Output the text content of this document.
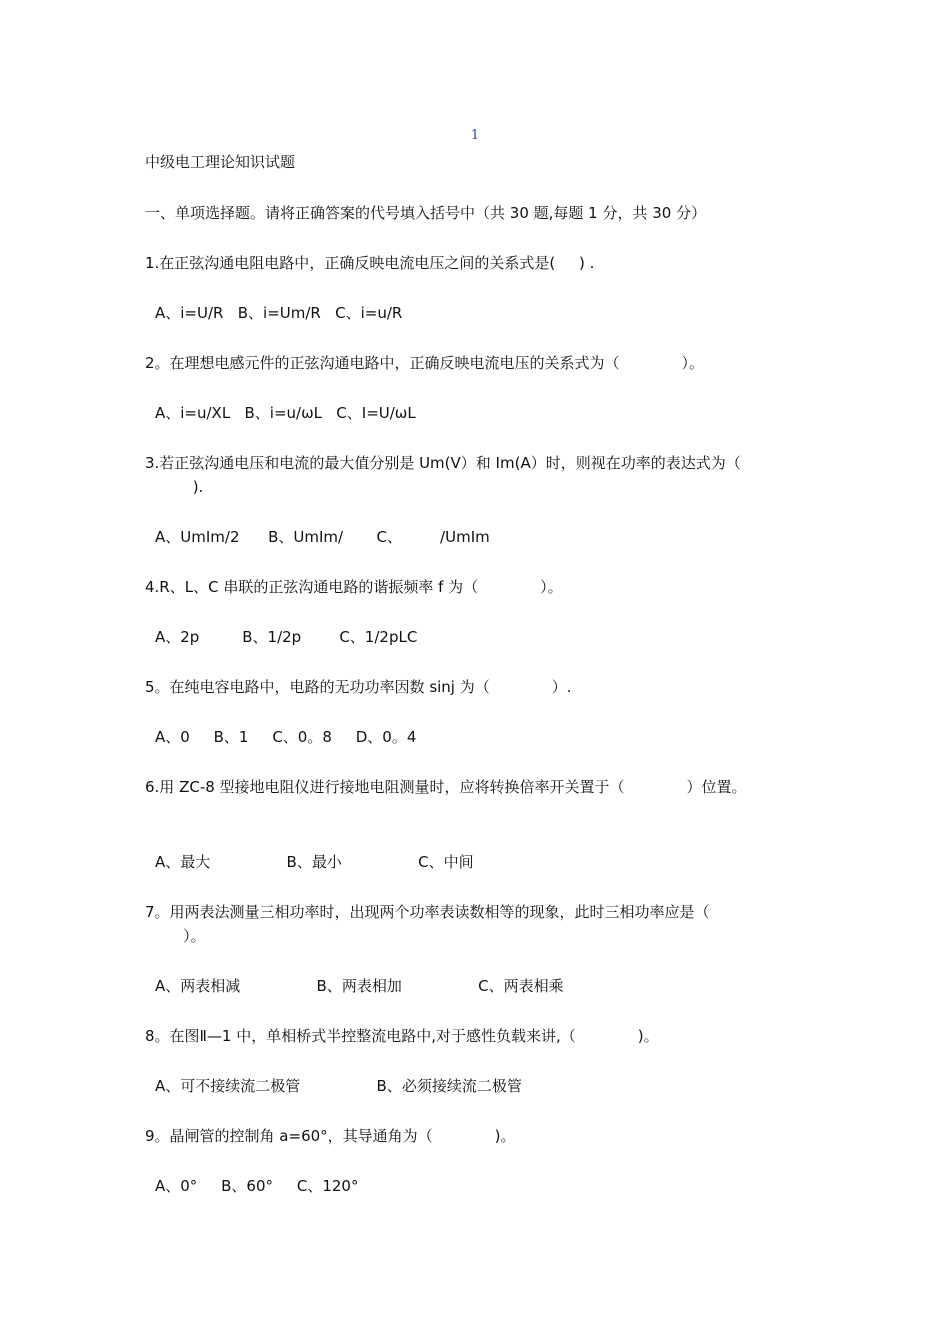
1

中级电工理论知识试题

一、单项选择题。请将正确答案的代号填入括号中（共 30 题,每题 1 分，共 30 分）

1.在正弦沟通电阻电路中，正确反映电流电压之间的关系式是(     ) .

A、i=U/R   B、i=Um/R   C、i=u/R

2。在理想电感元件的正弦沟通电路中，正确反映电流电压的关系式为（             ）。

A、i=u/XL   B、i=u/ωL   C、I=U/ωL

3.若正弦沟通电压和电流的最大值分别是 Um(V）和 Im(A）时，则视在功率的表达式为（
).

A、UmIm/2      B、UmIm/       C、        /UmIm

4.R、L、C 串联的正弦沟通电路的谐振频率 f 为（             ）。

A、2p         B、1/2p        C、1/2pLC

5。在纯电容电路中，电路的无功功率因数 sinj 为（             ）.

A、0     B、1     C、0。8     D、0。4

6.用 ZC-8 型接地电阻仪进行接地电阻测量时，应将转换倍率开关置于（             ）位置。

A、最大                B、最小                C、中间

7。用两表法测量三相功率时，出现两个功率表读数相等的现象，此时三相功率应是（
）。

A、两表相减                B、两表相加                C、两表相乘

8。在图Ⅱ—1 中，单相桥式半控整流电路中,对于感性负载来讲,（             )。

A、可不接续流二极管                B、必须接续流二极管

9。晶闸管的控制角 a=60°，其导通角为（             )。

A、0°     B、60°     C、120°
